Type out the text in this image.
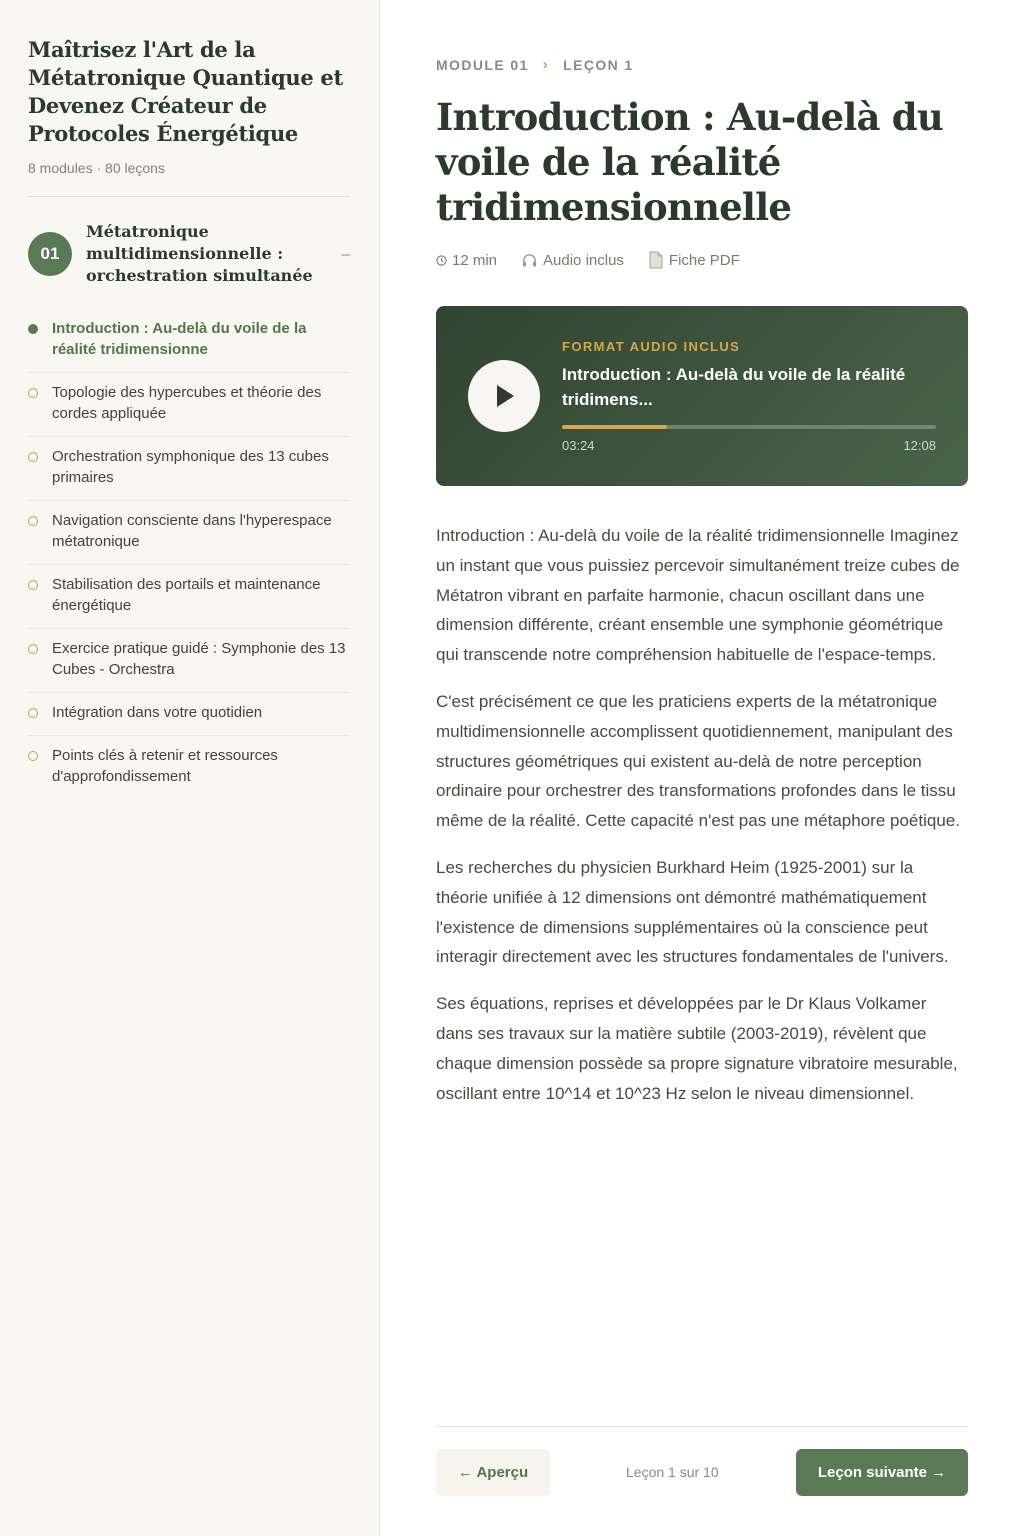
Maîtrisez l'Art de la Métatronique Quantique et Devenez Créateur de Protocoles Énergétique
8 modules · 80 leçons
01
Métatronique multidimensionnelle : orchestration simultanée
–
Introduction : Au-delà du voile de la réalité tridimensionne
Topologie des hypercubes et théorie des cordes appliquée
Orchestration symphonique des 13 cubes primaires
Navigation consciente dans l'hyperespace métatronique
Stabilisation des portails et maintenance énergétique
Exercice pratique guidé : Symphonie des 13 Cubes - Orchestra
Intégration dans votre quotidien
Points clés à retenir et ressources d'approfondissement
MODULE 01 › LEÇON 1
Introduction : Au-delà du voile de la réalité tridimensionnelle
12 min	Audio inclus	Fiche PDF
FORMAT AUDIO INCLUS
Introduction : Au-delà du voile de la réalité tridimens...
03:24	12:08

Introduction : Au-delà du voile de la réalité tridimensionnelle Imaginez un instant que vous puissiez percevoir simultanément treize cubes de Métatron vibrant en parfaite harmonie, chacun oscillant dans une dimension différente, créant ensemble une symphonie géométrique qui transcende notre compréhension habituelle de l'espace-temps.

C'est précisément ce que les praticiens experts de la métatronique multidimensionnelle accomplissent quotidiennement, manipulant des structures géométriques qui existent au-delà de notre perception ordinaire pour orchestrer des transformations profondes dans le tissu même de la réalité. Cette capacité n'est pas une métaphore poétique.

Les recherches du physicien Burkhard Heim (1925-2001) sur la théorie unifiée à 12 dimensions ont démontré mathématiquement l'existence de dimensions supplémentaires où la conscience peut interagir directement avec les structures fondamentales de l'univers.

Ses équations, reprises et développées par le Dr Klaus Volkamer dans ses travaux sur la matière subtile (2003-2019), révèlent que chaque dimension possède sa propre signature vibratoire mesurable, oscillant entre 10^14 et 10^23 Hz selon le niveau dimensionnel.

← Aperçu	Leçon 1 sur 10	Leçon suivante →
